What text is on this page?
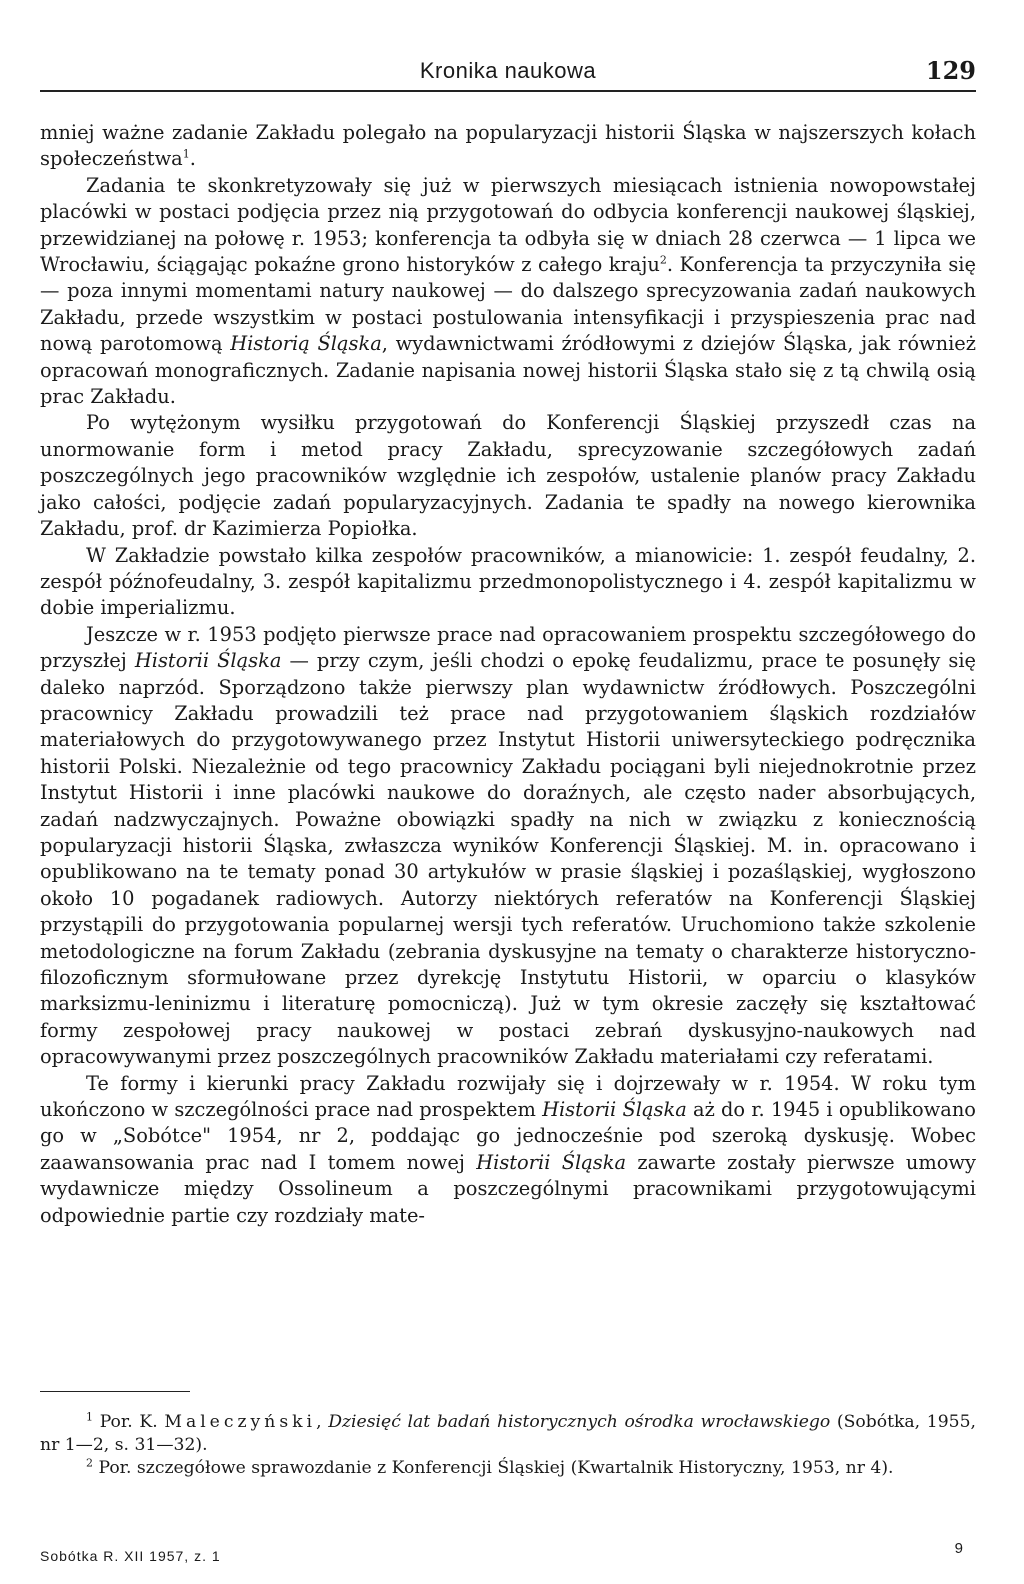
Kronika naukowa	129

mniej ważne zadanie Zakładu polegało na popularyzacji historii Śląska w najszerszych kołach społeczeństwa$^1$.

Zadania te skonkretyzowały się już w pierwszych miesiącach istnienia nowopowstałej placówki w postaci podjęcia przez nią przygotowań do odbycia konferencji naukowej śląskiej, przewidzianej na połowę r. 1953; konferencja ta odbyła się w dniach 28 czerwca — 1 lipca we Wrocławiu, ściągając pokaźne grono historyków z całego kraju$^2$. Konferencja ta przyczyniła się — poza innymi momentami natury naukowej — do dalszego sprecyzowania zadań naukowych Zakładu, przede wszystkim w postaci postulowania intensyfikacji i przyspieszenia prac nad nową parotomową Historią Śląska, wydawnictwami źródłowymi z dziejów Śląska, jak również opracowań monograficznych. Zadanie napisania nowej historii Śląska stało się z tą chwilą osią prac Zakładu.

Po wytężonym wysiłku przygotowań do Konferencji Śląskiej przyszedł czas na unormowanie form i metod pracy Zakładu, sprecyzowanie szczegółowych zadań poszczególnych jego pracowników względnie ich zespołów, ustalenie planów pracy Zakładu jako całości, podjęcie zadań popularyzacyjnych. Zadania te spadły na nowego kierownika Zakładu, prof. dr Kazimierza Popiołka.

W Zakładzie powstało kilka zespołów pracowników, a mianowicie: 1. zespół feudalny, 2. zespół późnofeudalny, 3. zespół kapitalizmu przedmonopolistycznego i 4. zespół kapitalizmu w dobie imperializmu.

Jeszcze w r. 1953 podjęto pierwsze prace nad opracowaniem prospektu szczegółowego do przyszłej Historii Śląska — przy czym, jeśli chodzi o epokę feudalizmu, prace te posunęły się daleko naprzód. Sporządzono także pierwszy plan wydawnictw źródłowych. Poszczególni pracownicy Zakładu prowadzili też prace nad przygotowaniem śląskich rozdziałów materiałowych do przygotowywanego przez Instytut Historii uniwersyteckiego podręcznika historii Polski. Niezależnie od tego pracownicy Zakładu pociągani byli niejednokrotnie przez Instytut Historii i inne placówki naukowe do doraźnych, ale często nader absorbujących, zadań nadzwyczajnych. Poważne obowiązki spadły na nich w związku z koniecznością popularyzacji historii Śląska, zwłaszcza wyników Konferencji Śląskiej. M. in. opracowano i opublikowano na te tematy ponad 30 artykułów w prasie śląskiej i pozaśląskiej, wygłoszono około 10 pogadanek radiowych. Autorzy niektórych referatów na Konferencji Śląskiej przystąpili do przygotowania popularnej wersji tych referatów. Uruchomiono także szkolenie metodologiczne na forum Zakładu (zebrania dyskusyjne na tematy o charakterze historyczno-filozoficznym sformułowane przez dyrekcję Instytutu Historii, w oparciu o klasyków marksizmu-leninizmu i literaturę pomocniczą). Już w tym okresie zaczęły się kształtować formy zespołowej pracy naukowej w postaci zebrań dyskusyjno-naukowych nad opracowywanymi przez poszczególnych pracowników Zakładu materiałami czy referatami.

Te formy i kierunki pracy Zakładu rozwijały się i dojrzewały w r. 1954. W roku tym ukończono w szczególności prace nad prospektem Historii Śląska aż do r. 1945 i opublikowano go w „Sobótce" 1954, nr 2, poddając go jednocześnie pod szeroką dyskusję. Wobec zaawansowania prac nad I tomem nowej Historii Śląska zawarte zostały pierwsze umowy wydawnicze między Ossolineum a poszczególnymi pracownikami przygotowującymi odpowiednie partie czy rozdziały mate-

$^1$ Por. K. Maleczyński, Dziesięć lat badań historycznych ośrodka wrocławskiego (Sobótka, 1955, nr 1—2, s. 31—32).

$^2$ Por. szczegółowe sprawozdanie z Konferencji Śląskiej (Kwartalnik Historyczny, 1953, nr 4).

Sobótka R. XII 1957, z. 1	9
